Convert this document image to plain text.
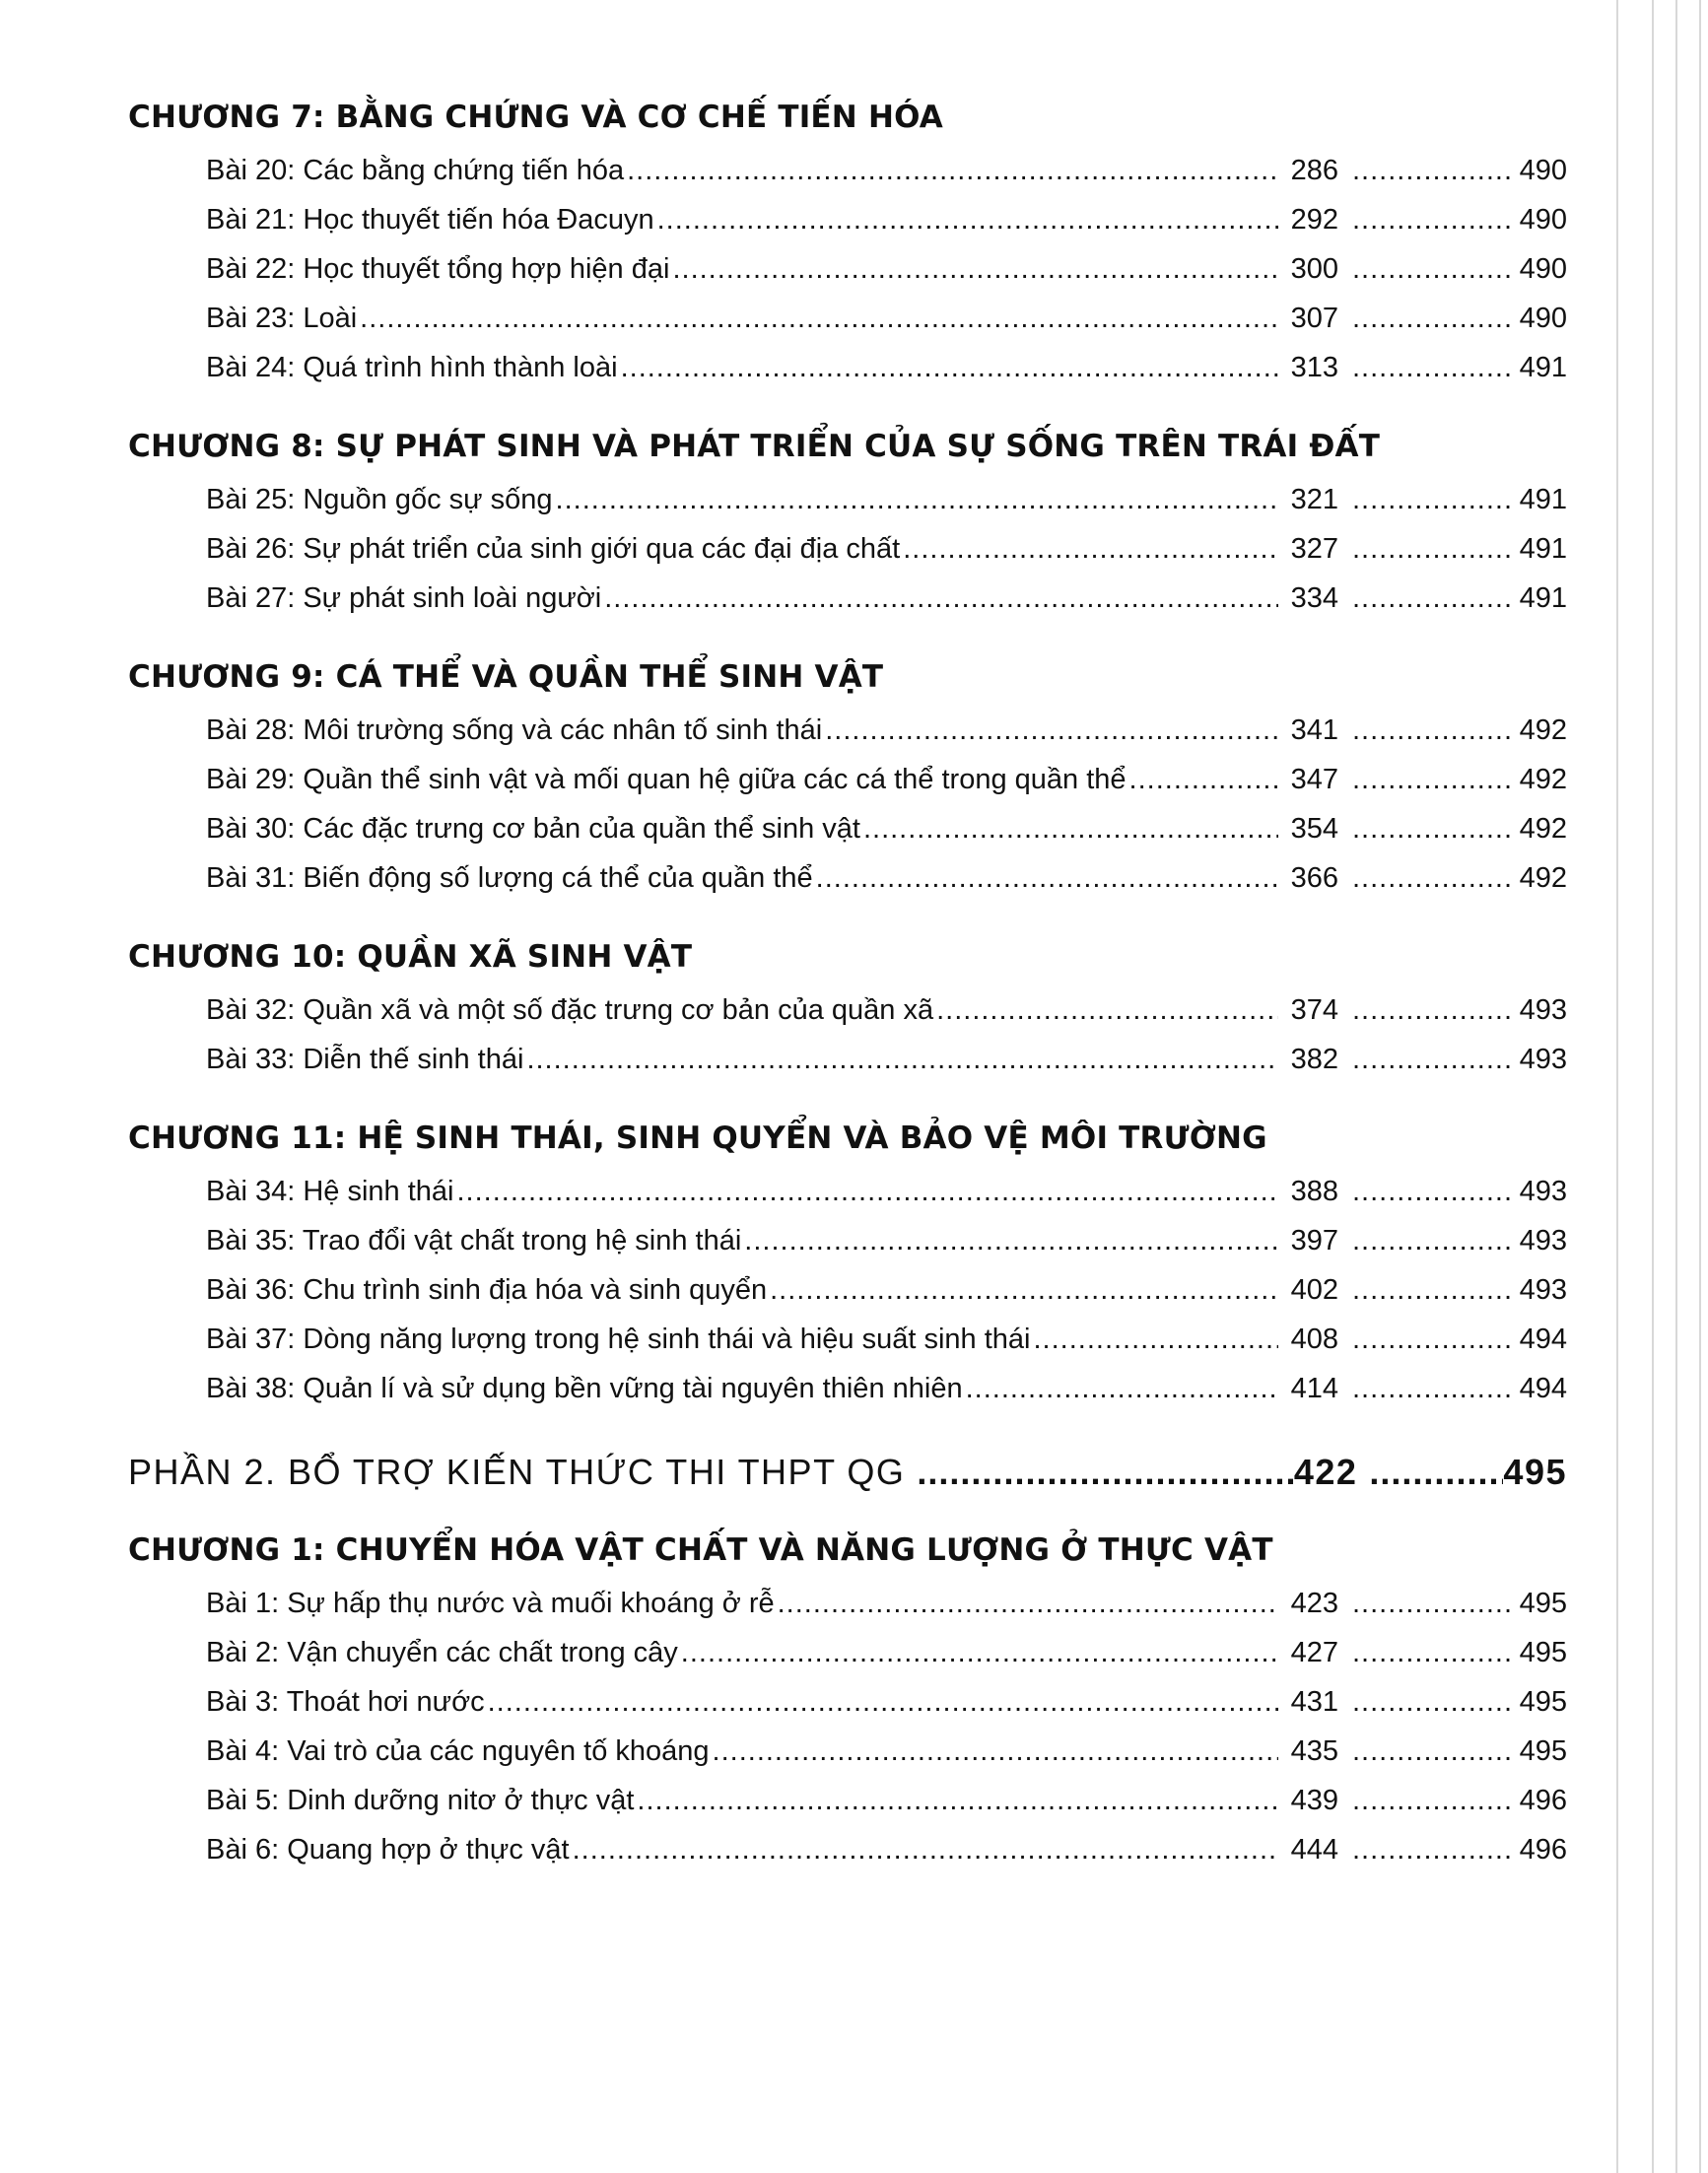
CHƯƠNG 7: BẰNG CHỨNG VÀ CƠ CHẾ TIẾN HÓA
Bài 20: Các bằng chứng tiến hóa .....	286 .....	490
Bài 21: Học thuyết tiến hóa Đacuyn .....	292 .....	490
Bài 22: Học thuyết tổng hợp hiện đại .....	300 .....	490
Bài 23: Loài .....	307 .....	490
Bài 24: Quá trình hình thành loài .....	313 .....	491
CHƯƠNG 8: SỰ PHÁT SINH VÀ PHÁT TRIỂN CỦA SỰ SỐNG TRÊN TRÁI ĐẤT
Bài 25: Nguồn gốc sự sống .....	321 .....	491
Bài 26: Sự phát triển của sinh giới qua các đại địa chất .....	327 .....	491
Bài 27: Sự phát sinh loài người .....	334 .....	491
CHƯƠNG 9: CÁ THỂ VÀ QUẦN THỂ SINH VẬT
Bài 28: Môi trường sống và các nhân tố sinh thái .....	341 .....	492
Bài 29: Quần thể sinh vật và mối quan hệ giữa các cá thể trong quần thể .....	347 .....	492
Bài 30: Các đặc trưng cơ bản của quần thể sinh vật .....	354 .....	492
Bài 31: Biến động số lượng cá thể của quần thể .....	366 .....	492
CHƯƠNG 10: QUẦN XÃ SINH VẬT
Bài 32: Quần xã và một số đặc trưng cơ bản của quần xã .....	374 .....	493
Bài 33: Diễn thế sinh thái .....	382 .....	493
CHƯƠNG 11: HỆ SINH THÁI, SINH QUYỂN VÀ BẢO VỆ MÔI TRƯỜNG
Bài 34: Hệ sinh thái .....	388 .....	493
Bài 35: Trao đổi vật chất trong hệ sinh thái .....	397 .....	493
Bài 36: Chu trình sinh địa hóa và sinh quyển .....	402 .....	493
Bài 37: Dòng năng lượng trong hệ sinh thái và hiệu suất sinh thái .....	408 .....	494
Bài 38: Quản lí và sử dụng bền vững tài nguyên thiên nhiên .....	414 .....	494
PHẦN 2. BỔ TRỢ KIẾN THỨC THI THPT QG .....	422 .....	495
CHƯƠNG 1: CHUYỂN HÓA VẬT CHẤT VÀ NĂNG LƯỢNG Ở THỰC VẬT
Bài 1: Sự hấp thụ nước và muối khoáng ở rễ .....	423 .....	495
Bài 2: Vận chuyển các chất trong cây .....	427 .....	495
Bài 3: Thoát hơi nước .....	431 .....	495
Bài 4: Vai trò của các nguyên tố khoáng .....	435 .....	495
Bài 5: Dinh dưỡng nitơ ở thực vật .....	439 .....	496
Bài 6: Quang hợp ở thực vật .....	444 .....	496
